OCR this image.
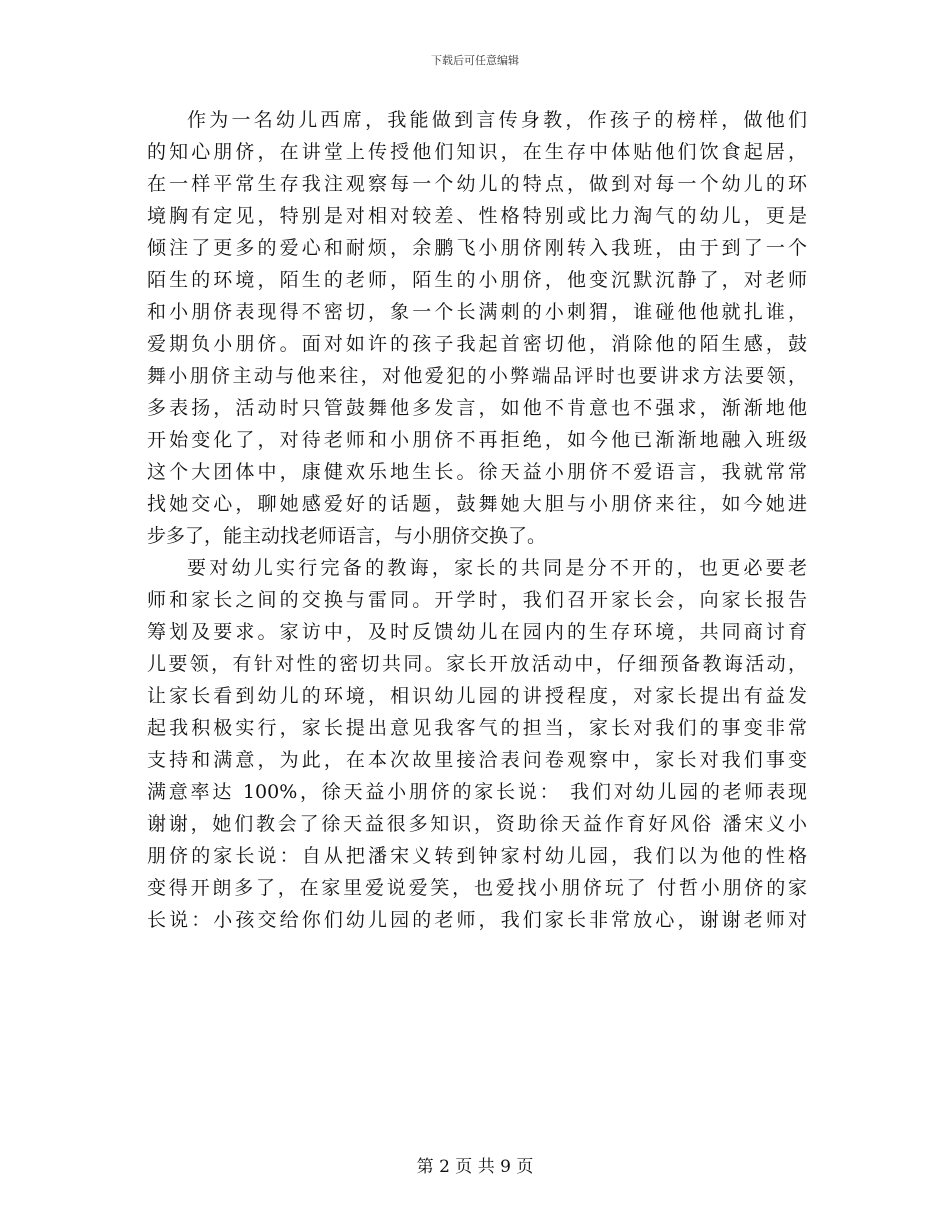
下载后可任意编辑
作为一名幼儿西席，我能做到言传身教，作孩子的榜样，做他们
的知心朋侪，在讲堂上传授他们知识，在生存中体贴他们饮食起居，
在一样平常生存我注观察每一个幼儿的特点，做到对每一个幼儿的环
境胸有定见，特别是对相对较差、性格特别或比力淘气的幼儿，更是
倾注了更多的爱心和耐烦，余鹏飞小朋侪刚转入我班，由于到了一个
陌生的环境，陌生的老师，陌生的小朋侪，他变沉默沉静了，对老师
和小朋侪表现得不密切，象一个长满刺的小刺猬，谁碰他他就扎谁，
爱期负小朋侪。面对如许的孩子我起首密切他，消除他的陌生感，鼓
舞小朋侪主动与他来往，对他爱犯的小弊端品评时也要讲求方法要领，
多表扬，活动时只管鼓舞他多发言，如他不肯意也不强求，渐渐地他
开始变化了，对待老师和小朋侪不再拒绝，如今他已渐渐地融入班级
这个大团体中，康健欢乐地生长。徐天益小朋侪不爱语言，我就常常
找她交心，聊她感爱好的话题，鼓舞她大胆与小朋侪来往，如今她进
步多了，能主动找老师语言，与小朋侪交换了。
要对幼儿实行完备的教诲，家长的共同是分不开的，也更必要老
师和家长之间的交换与雷同。开学时，我们召开家长会，向家长报告
筹划及要求。家访中，及时反馈幼儿在园内的生存环境，共同商讨育
儿要领，有针对性的密切共同。家长开放活动中，仔细预备教诲活动，
让家长看到幼儿的环境，相识幼儿园的讲授程度，对家长提出有益发
起我积极实行，家长提出意见我客气的担当，家长对我们的事变非常
支持和满意，为此，在本次故里接洽表问卷观察中，家长对我们事变
满意率达 100%，徐天益小朋侪的家长说： 我们对幼儿园的老师表现
谢谢，她们教会了徐天益很多知识，资助徐天益作育好风俗 潘宋义小
朋侪的家长说：自从把潘宋义转到钟家村幼儿园，我们以为他的性格
变得开朗多了，在家里爱说爱笑，也爱找小朋侪玩了 付哲小朋侪的家
长说：小孩交给你们幼儿园的老师，我们家长非常放心，谢谢老师对
第 2 页 共 9 页
